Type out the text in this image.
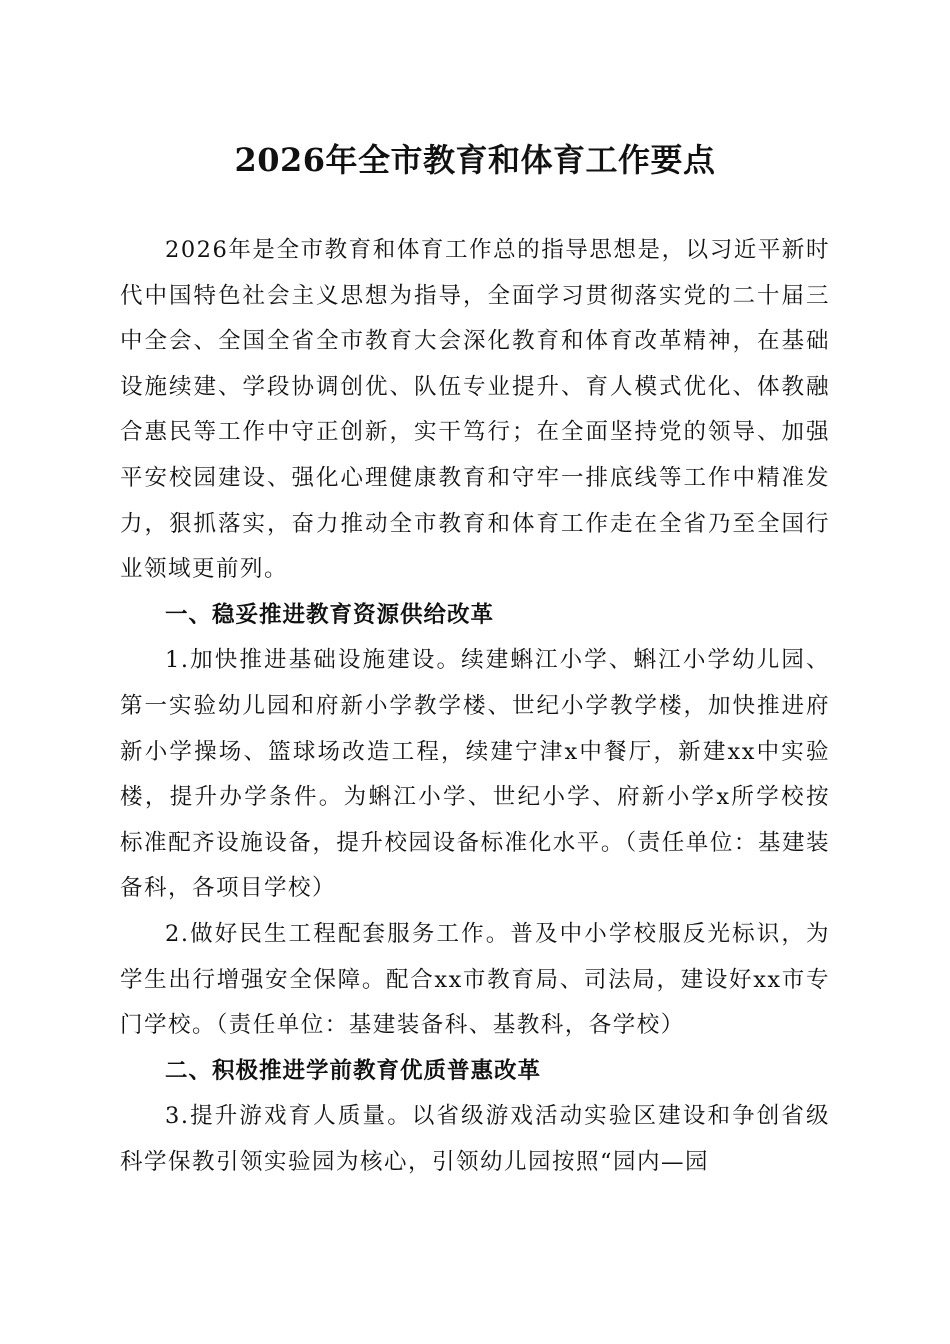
2026年全市教育和体育工作要点

2026年是全市教育和体育工作总的指导思想是，以习近平新时代中国特色社会主义思想为指导，全面学习贯彻落实党的二十届三中全会、全国全省全市教育大会深化教育和体育改革精神，在基础设施续建、学段协调创优、队伍专业提升、育人模式优化、体教融合惠民等工作中守正创新，实干笃行；在全面坚持党的领导、加强平安校园建设、强化心理健康教育和守牢一排底线等工作中精准发力，狠抓落实，奋力推动全市教育和体育工作走在全省乃至全国行业领域更前列。

一、稳妥推进教育资源供给改革

1.加快推进基础设施建设。续建蝌江小学、蝌江小学幼儿园、第一实验幼儿园和府新小学教学楼、世纪小学教学楼，加快推进府新小学操场、篮球场改造工程，续建宁津x中餐厅，新建xx中实验楼，提升办学条件。为蝌江小学、世纪小学、府新小学x所学校按标准配齐设施设备，提升校园设备标准化水平。（责任单位：基建装备科，各项目学校）

2.做好民生工程配套服务工作。普及中小学校服反光标识，为学生出行增强安全保障。配合xx市教育局、司法局，建设好xx市专门学校。（责任单位：基建装备科、基教科，各学校）

二、积极推进学前教育优质普惠改革

3.提升游戏育人质量。以省级游戏活动实验区建设和争创省级科学保教引领实验园为核心，引领幼儿园按照“园内—园
